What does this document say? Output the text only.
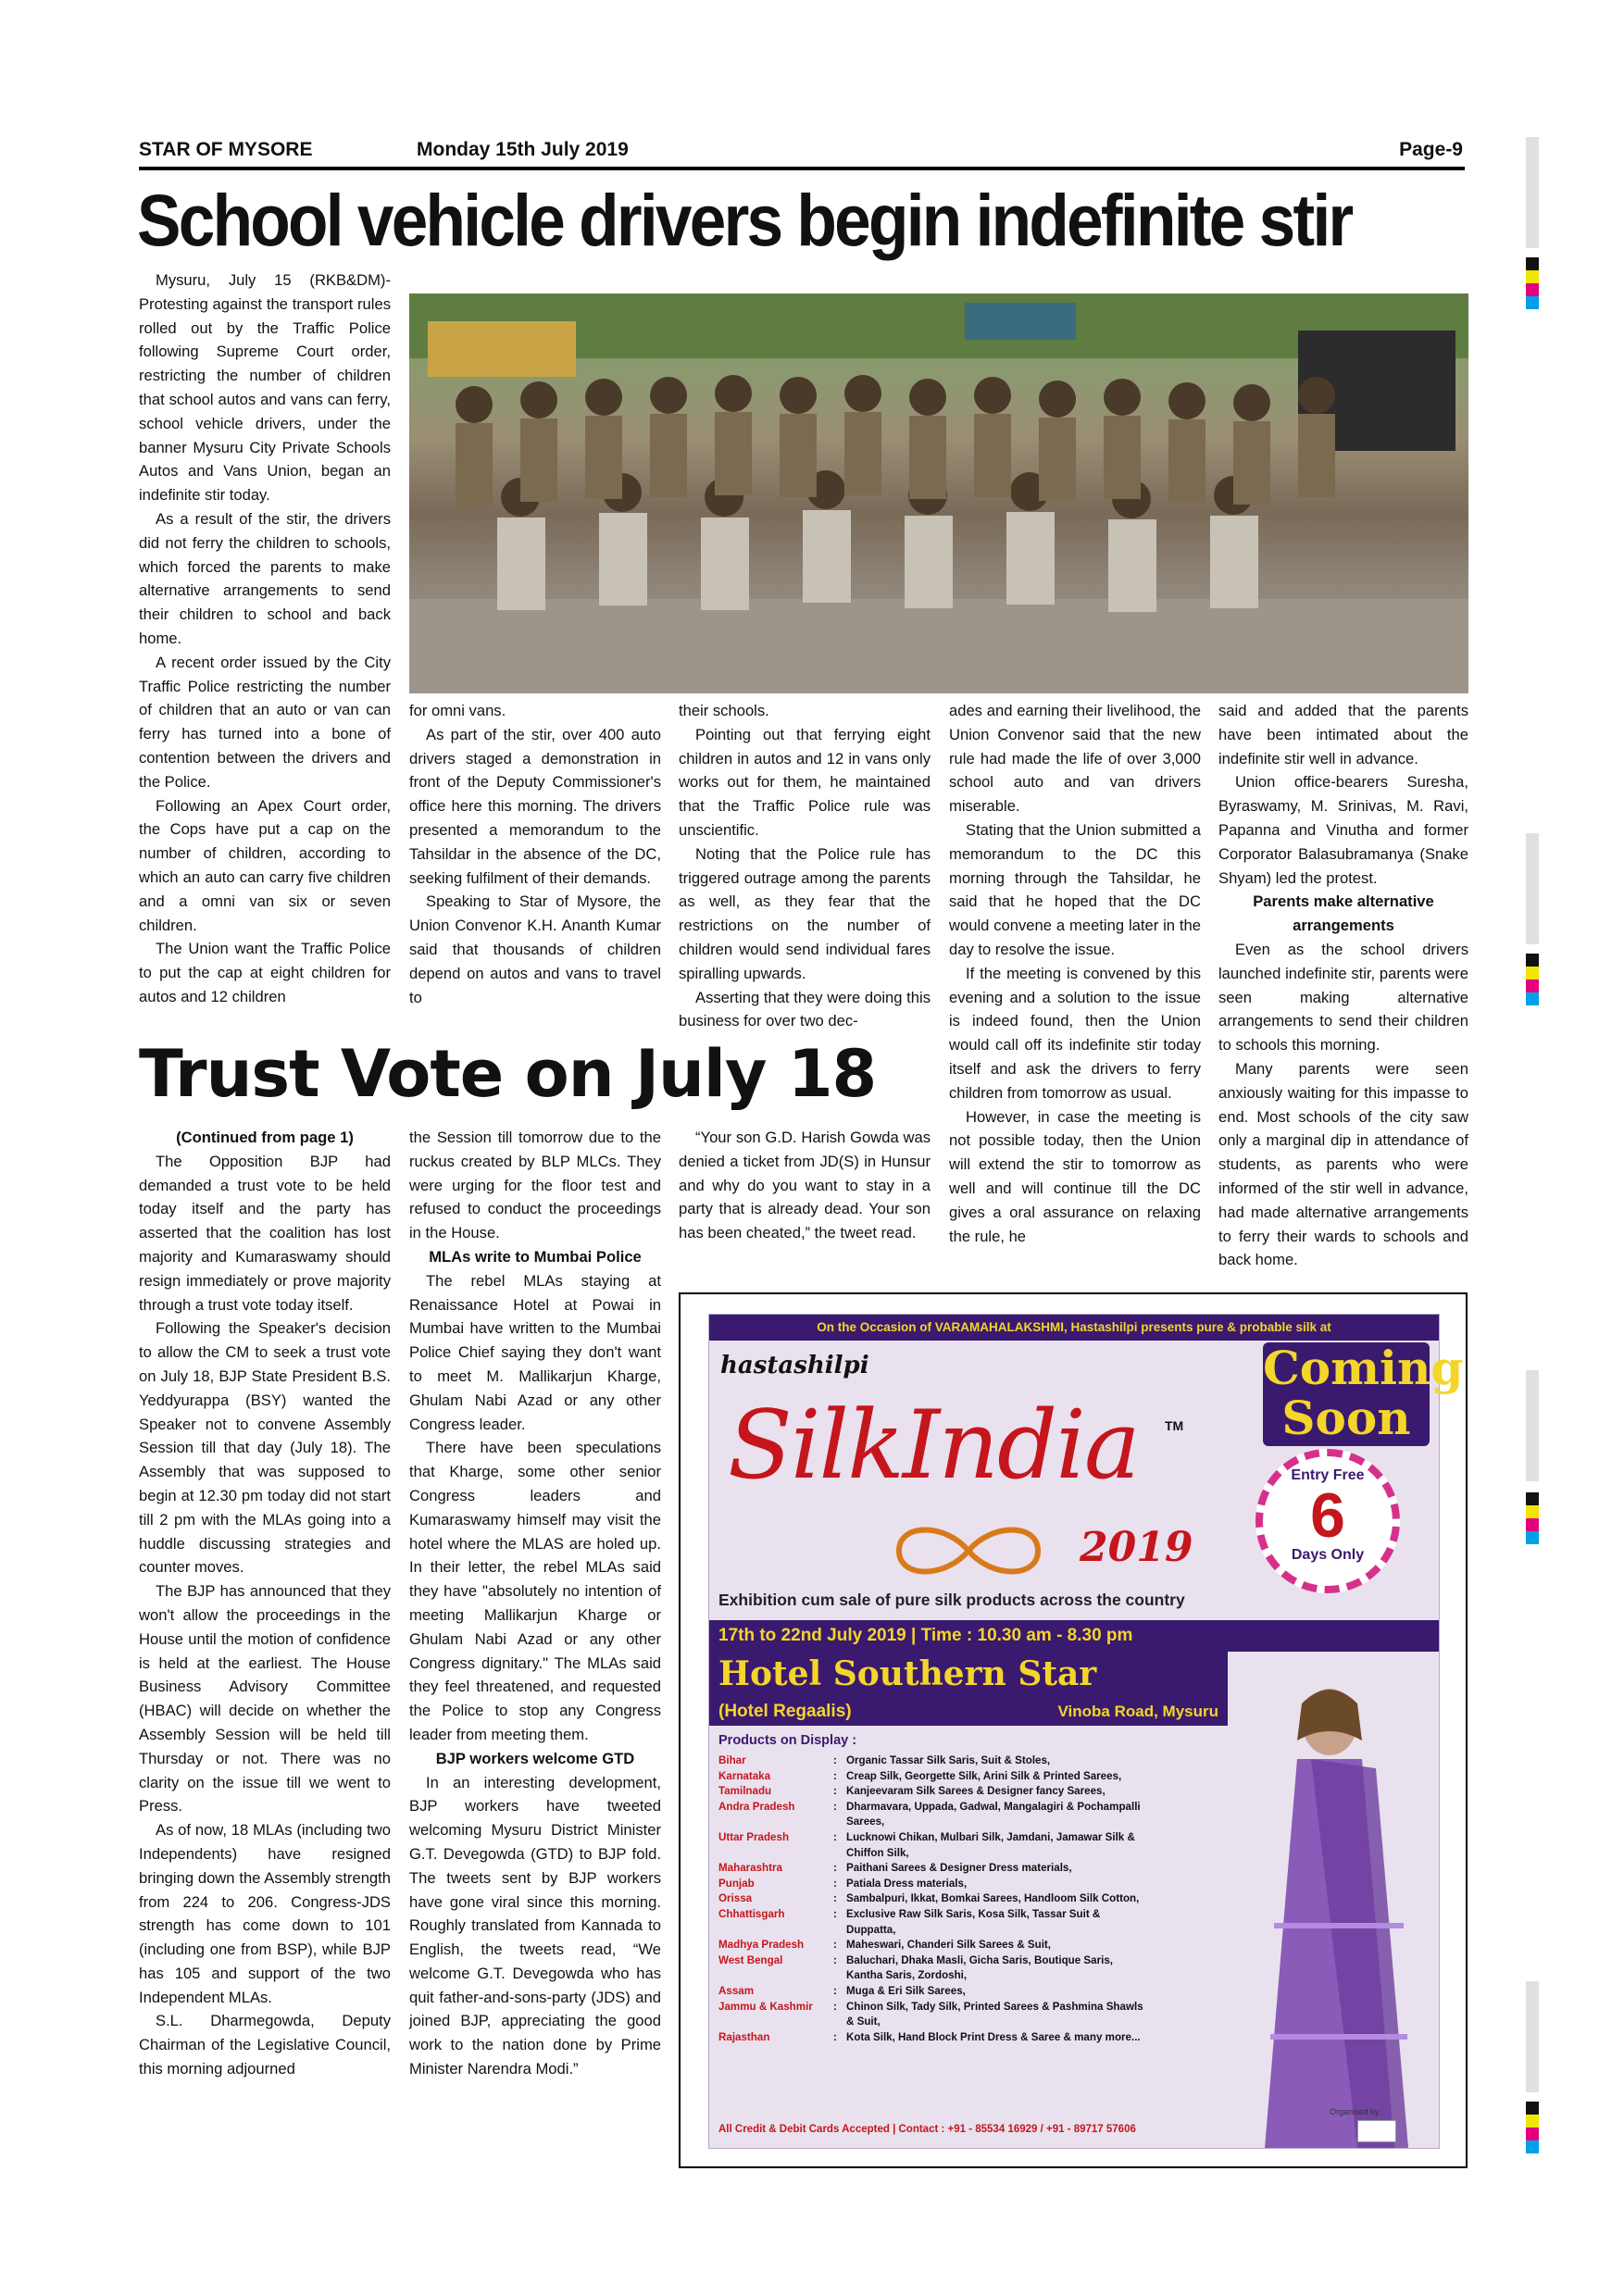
STAR OF MYSORE	Monday 15th July 2019	Page-9
School vehicle drivers begin indefinite stir

Mysuru, July 15 (RKB&DM)- Protesting against the transport rules rolled out by the Traffic Police following Supreme Court order, restricting the number of children that school autos and vans can ferry, school vehicle drivers, under the banner Mysuru City Private Schools Autos and Vans Union, began an indefinite stir today.

As a result of the stir, the drivers did not ferry the children to schools, which forced the parents to make alternative arrangements to send their children to school and back home.

A recent order issued by the City Traffic Police restricting the number of children that an auto or van can ferry has turned into a bone of contention between the drivers and the Police.

Following an Apex Court order, the Cops have put a cap on the number of children, according to which an auto can carry five children and a omni van six or seven children.

The Union want the Traffic Police to put the cap at eight children for autos and 12 children

for omni vans.

As part of the stir, over 400 auto drivers staged a demonstration in front of the Deputy Commissioner's office here this morning. The drivers presented a memorandum to the Tahsildar in the absence of the DC, seeking fulfilment of their demands.

Speaking to Star of Mysore, the Union Convenor K.H. Ananth Kumar said that thousands of children depend on autos and vans to travel to

their schools.

Pointing out that ferrying eight children in autos and 12 in vans only works out for them, he maintained that the Traffic Police rule was unscientific.

Noting that the Police rule has triggered outrage among the parents as well, as they fear that the restrictions on the number of children would send individual fares spiralling upwards.

Asserting that they were doing this business for over two dec-

ades and earning their livelihood, the Union Convenor said that the new rule had made the life of over 3,000 school auto and van drivers miserable.

Stating that the Union submitted a memorandum to the DC this morning through the Tahsildar, he said that he hoped that the DC would convene a meeting later in the day to resolve the issue.

If the meeting is convened by this evening and a solution to the issue is indeed found, then the Union would call off its indefinite stir today itself and ask the drivers to ferry children from tomorrow as usual.

However, in case the meeting is not possible today, then the Union will extend the stir to tomorrow as well and will continue till the DC gives a oral assurance on relaxing the rule, he

said and added that the parents have been intimated about the indefinite stir well in advance.

Union office-bearers Suresha, Byraswamy, M. Srinivas, M. Ravi, Papanna and Vinutha and former Corporator Balasubramanya (Snake Shyam) led the protest.

Parents make alternative arrangements

Even as the school drivers launched indefinite stir, parents were seen making alternative arrangements to send their children to schools this morning.

Many parents were seen anxiously waiting for this impasse to end. Most schools of the city saw only a marginal dip in attendance of students, as parents who were informed of the stir well in advance, had made alternative arrangements to ferry their wards to schools and back home.

Trust Vote on July 18

(Continued from page 1)

The Opposition BJP had demanded a trust vote to be held today itself and the party has asserted that the coalition has lost majority and Kumaraswamy should resign immediately or prove majority through a trust vote today itself.

Following the Speaker's decision to allow the CM to seek a trust vote on July 18, BJP State President B.S. Yeddyurappa (BSY) wanted the Speaker not to convene Assembly Session till that day (July 18). The Assembly that was supposed to begin at 12.30 pm today did not start till 2 pm with the MLAs going into a huddle discussing strategies and counter moves.

The BJP has announced that they won't allow the proceedings in the House until the motion of confidence is held at the earliest. The House Business Advisory Committee (HBAC) will decide on whether the Assembly Session will be held till Thursday or not. There was no clarity on the issue till we went to Press.

As of now, 18 MLAs (including two Independents) have resigned bringing down the Assembly strength from 224 to 206. Congress-JDS strength has come down to 101 (including one from BSP), while BJP has 105 and support of the two Independent MLAs.

S.L. Dharmegowda, Deputy Chairman of the Legislative Council, this morning adjourned

the Session till tomorrow due to the ruckus created by BLP MLCs. They were urging for the floor test and refused to conduct the proceedings in the House.

MLAs write to Mumbai Police

The rebel MLAs staying at Renaissance Hotel at Powai in Mumbai have written to the Mumbai Police Chief saying they don't want to meet M. Mallikarjun Kharge, Ghulam Nabi Azad or any other Congress leader.

There have been speculations that Kharge, some other senior Congress leaders and Kumaraswamy himself may visit the hotel where the MLAS are holed up. In their letter, the rebel MLAs said they have "absolutely no intention of meeting Mallikarjun Kharge or Ghulam Nabi Azad or any other Congress dignitary." The MLAs said they feel threatened, and requested the Police to stop any Congress leader from meeting them.

BJP workers welcome GTD

In an interesting development, BJP workers have tweeted welcoming Mysuru District Minister G.T. Devegowda (GTD) to BJP fold. The tweets sent by BJP workers have gone viral since this morning. Roughly translated from Kannada to English, the tweets read, “We welcome G.T. Devegowda who has quit father-and-sons-party (JDS) and joined BJP, appreciating the good work to the nation done by Prime Minister Narendra Modi.”

“Your son G.D. Harish Gowda was denied a ticket from JD(S) in Hunsur and why do you want to stay in a party that is already dead. Your son has been cheated,” the tweet read.

On the Occasion of VARAMAHALAKSHMI, Hastashilpi presents pure & probable silk at
hastashilpi	Coming
Soon
SilkIndia TM
2019
Entry Free
6
Days Only
Exhibition cum sale of pure silk products across the country
17th to 22nd July 2019 | Time : 10.30 am - 8.30 pm
Hotel Southern Star
(Hotel Regaalis)	Vinoba Road, Mysuru
Products on Display :
Bihar	:	Organic Tassar Silk Saris, Suit & Stoles,
Karnataka	:	Creap Silk, Georgette Silk, Arini Silk & Printed Sarees,
Tamilnadu	:	Kanjeevaram Silk Sarees & Designer fancy Sarees,
Andra Pradesh	:	Dharmavara, Uppada, Gadwal, Mangalagiri & Pochampalli Sarees,
Uttar Pradesh	:	Lucknowi Chikan, Mulbari Silk, Jamdani, Jamawar Silk & Chiffon Silk,
Maharashtra	:	Paithani Sarees & Designer Dress materials,
Punjab	:	Patiala Dress materials,
Orissa	:	Sambalpuri, Ikkat, Bomkai Sarees, Handloom Silk Cotton,
Chhattisgarh	:	Exclusive Raw Silk Saris, Kosa Silk, Tassar Suit & Duppatta,
Madhya Pradesh	:	Maheswari, Chanderi Silk Sarees & Suit,
West Bengal	:	Baluchari, Dhaka Masli, Gicha Saris, Boutique Saris, Kantha Saris, Zordoshi,
Assam	:	Muga & Eri Silk Sarees,
Jammu & Kashmir	:	Chinon Silk, Tady Silk, Printed Sarees & Pashmina Shawls & Suit,
Rajasthan	:	Kota Silk, Hand Block Print Dress & Saree & many more...
All Credit & Debit Cards Accepted | Contact : +91 - 85534 16929 / +91 - 89717 57606
Organised by :
